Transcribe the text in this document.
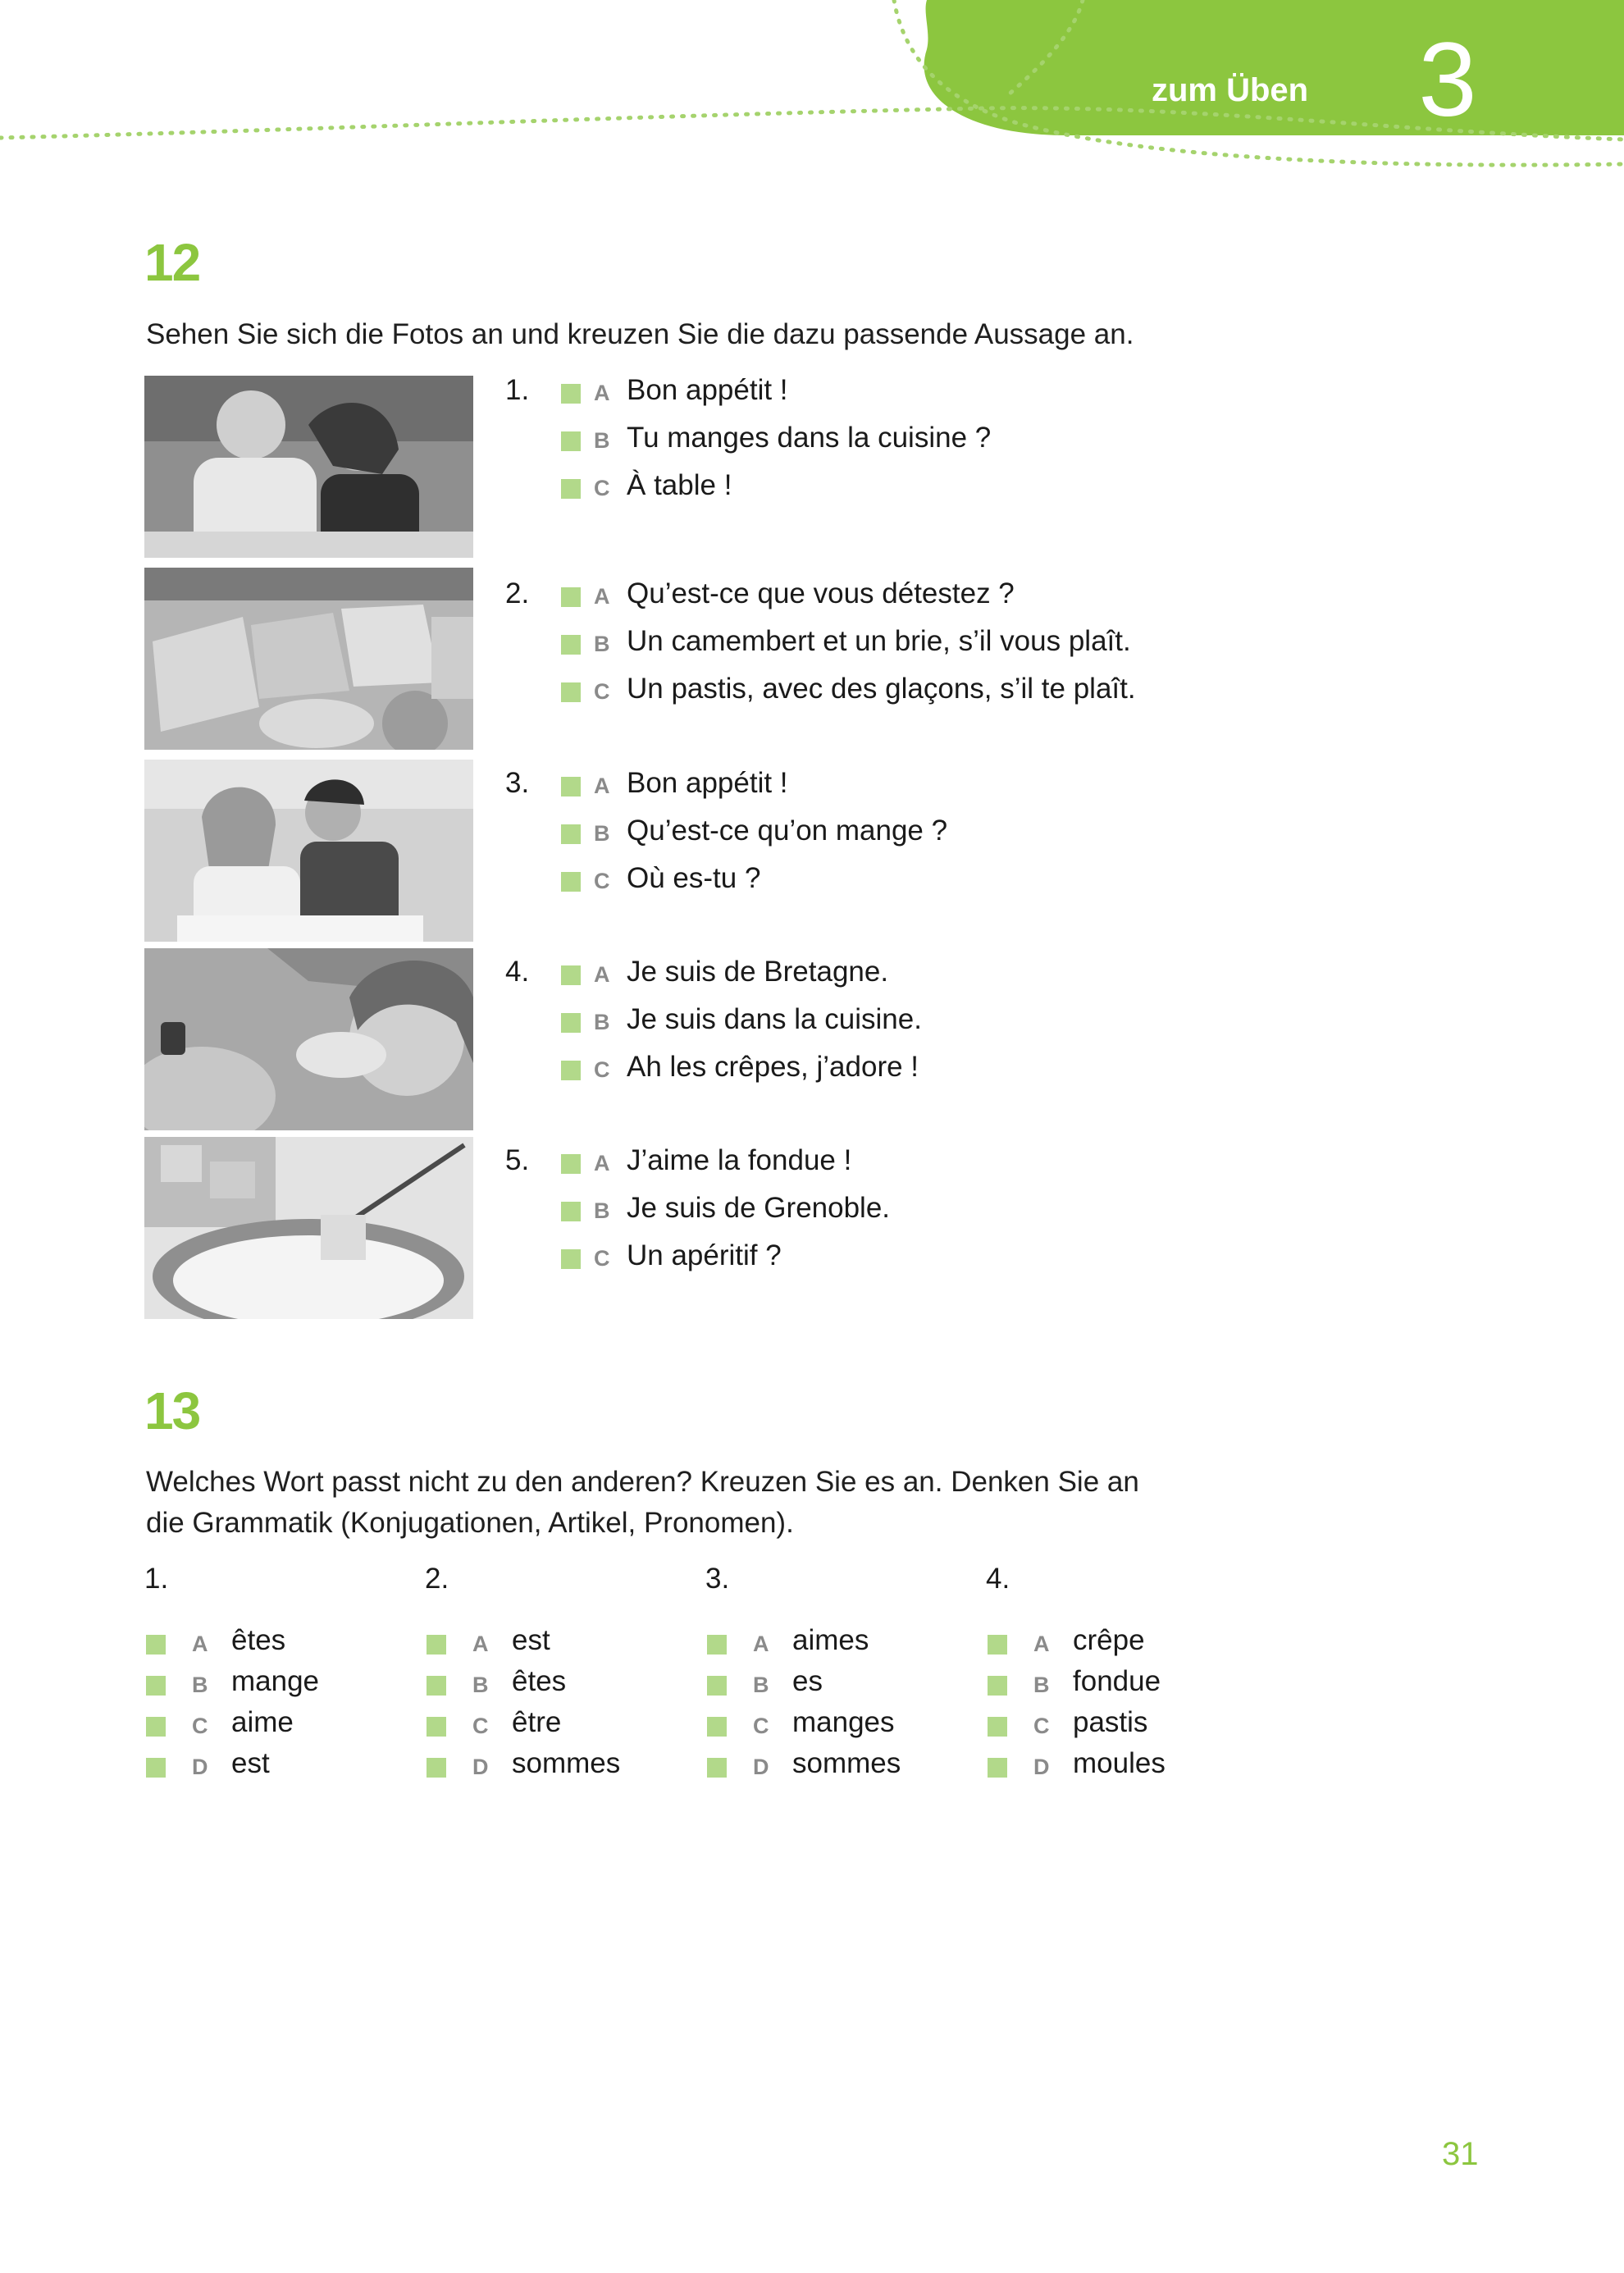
zum Üben	3
12
Sehen Sie sich die Fotos an und kreuzen Sie die dazu passende Aussage an.
1.	A Bon appétit !
B Tu manges dans la cuisine ?
C À table !
2.	A Qu’est-ce que vous détestez ?
B Un camembert et un brie, s’il vous plaît.
C Un pastis, avec des glaçons, s’il te plaît.
3.	A Bon appétit !
B Qu’est-ce qu’on mange ?
C Où es-tu ?
4.	A Je suis de Bretagne.
B Je suis dans la cuisine.
C Ah les crêpes, j’adore !
5.	A J’aime la fondue !
B Je suis de Grenoble.
C Un apéritif ?
13
Welches Wort passt nicht zu den anderen? Kreuzen Sie es an. Denken Sie an
die Grammatik (Konjugationen, Artikel, Pronomen).
1.
A êtes
B mange
C aime
D est
2.
A est
B êtes
C être
D sommes
3.
A aimes
B es
C manges
D sommes
4.
A crêpe
B fondue
C pastis
D moules
31
